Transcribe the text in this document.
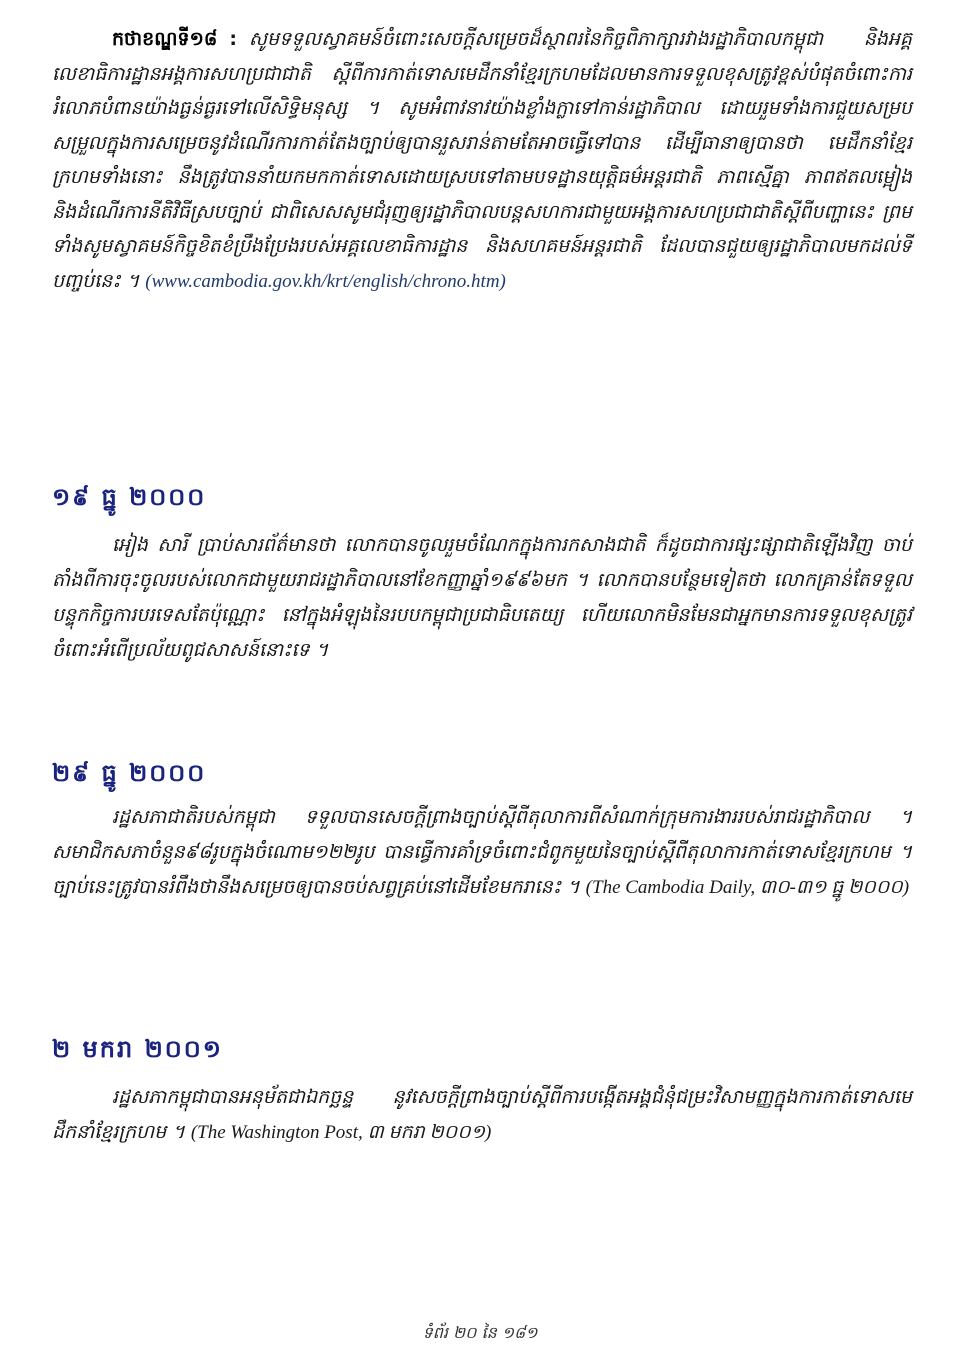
កថាខណ្ឌទី១៨ : សូមទទួលស្វាគមន៍ចំពោះសេចក្តីសម្រេចដ៏ស្ថាពរនៃកិច្ចពិភាក្សារវាងរដ្ឋាភិបាលកម្ពុជា និងអគ្គលេខាធិការដ្ឋានអង្គការសហប្រជាជាតិ ស្តីពីការកាត់ទោសមេដឹកនាំខ្មែរក្រហមដែលមានការទទួលខុសត្រូវខ្ពស់បំផុតចំពោះការរំលោភបំពានយ៉ាងធ្ងន់ធ្ងរទៅលើសិទ្ធិមនុស្ស ។ សូមអំពាវនាវយ៉ាងខ្លាំងក្លាទៅកាន់រដ្ឋាភិបាល ដោយរួមទាំងការជួយសម្របសម្រួលក្នុងការសម្រេចនូវដំណើរការកាត់តែងច្បាប់ឲ្យបានរួសរាន់តាមតែអាចធ្វើទៅបាន ដើម្បីធានាឲ្យបានថា មេដឹកនាំខ្មែរក្រហមទាំងនោះ នឹងត្រូវបាននាំយកមកកាត់ទោសដោយស្របទៅតាមបទដ្ឋានយុត្តិធម៌អន្តរជាតិ ភាពស្មើគ្នា ភាពឥតលម្អៀង និងដំណើរការនីតិវិធីស្របច្បាប់ ជាពិសេសសូមជំរុញឲ្យរដ្ឋាភិបាលបន្តសហការជាមួយអង្គការសហប្រជាជាតិស្តីពីបញ្ហានេះ ព្រមទាំងសូមស្វាគមន៍កិច្ចខិតខំប្រឹងប្រែងរបស់អគ្គលេខាធិការដ្ឋាន និងសហគមន៍អន្តរជាតិ ដែលបានជួយឲ្យរដ្ឋាភិបាលមកដល់ទីបញ្ចប់នេះ ។ (www.cambodia.gov.kh/krt/english/chrono.htm)
១៩ ធ្នូ ២០០០
អៀង សារី ប្រាប់សារព័ត៌មានថា លោកបានចូលរួមចំណែកក្នុងការកសាងជាតិ ក៏ដូចជាការផ្សះផ្សាជាតិឡើងវិញ ចាប់តាំងពីការចុះចូលរបស់លោកជាមួយរាជរដ្ឋាភិបាលនៅខែកញ្ញាឆ្នាំ១៩៩៦មក ។ លោកបានបន្ថែមទៀតថា លោកគ្រាន់តែទទួលបន្ទុកកិច្ចការបរទេសតែប៉ុណ្ណោះ នៅក្នុងអំឡុងនៃរបបកម្ពុជាប្រជាធិបតេយ្យ ហើយលោកមិនមែនជាអ្នកមានការទទួលខុសត្រូវចំពោះអំពើប្រល័យពូជសាសន៍នោះទេ ។
២៩ ធ្នូ ២០០០
រដ្ឋសភាជាតិរបស់កម្ពុជា ទទួលបានសេចក្តីព្រាងច្បាប់ស្តីពីតុលាការពីសំណាក់ក្រុមការងាររបស់រាជរដ្ឋាភិបាល ។ សមាជិកសភាចំនួន៩៨រូបក្នុងចំណោម១២២រូប បានធ្វើការគាំទ្រចំពោះជំពូកមួយនៃច្បាប់ស្តីពីតុលាការកាត់ទោសខ្មែរក្រហម ។ ច្បាប់នេះត្រូវបានរំពឹងថានឹងសម្រេចឲ្យបានចប់សព្វគ្រប់នៅដើមខែមករានេះ ។ (The Cambodia Daily, ៣០-៣១ ធ្នូ ២០០០)
២ មករា ២០០១
រដ្ឋសភាកម្ពុជាបានអនុម័តជាឯកច្ឆន្ទ នូវសេចក្តីព្រាងច្បាប់ស្តីពីការបង្កើតអង្គជំនុំជម្រះវិសាមញ្ញក្នុងការកាត់ទោសមេដឹកនាំខ្មែរក្រហម ។ (The Washington Post, ៣ មករា ២០០១)
ទំព័រ ២០ នៃ ១៨១
